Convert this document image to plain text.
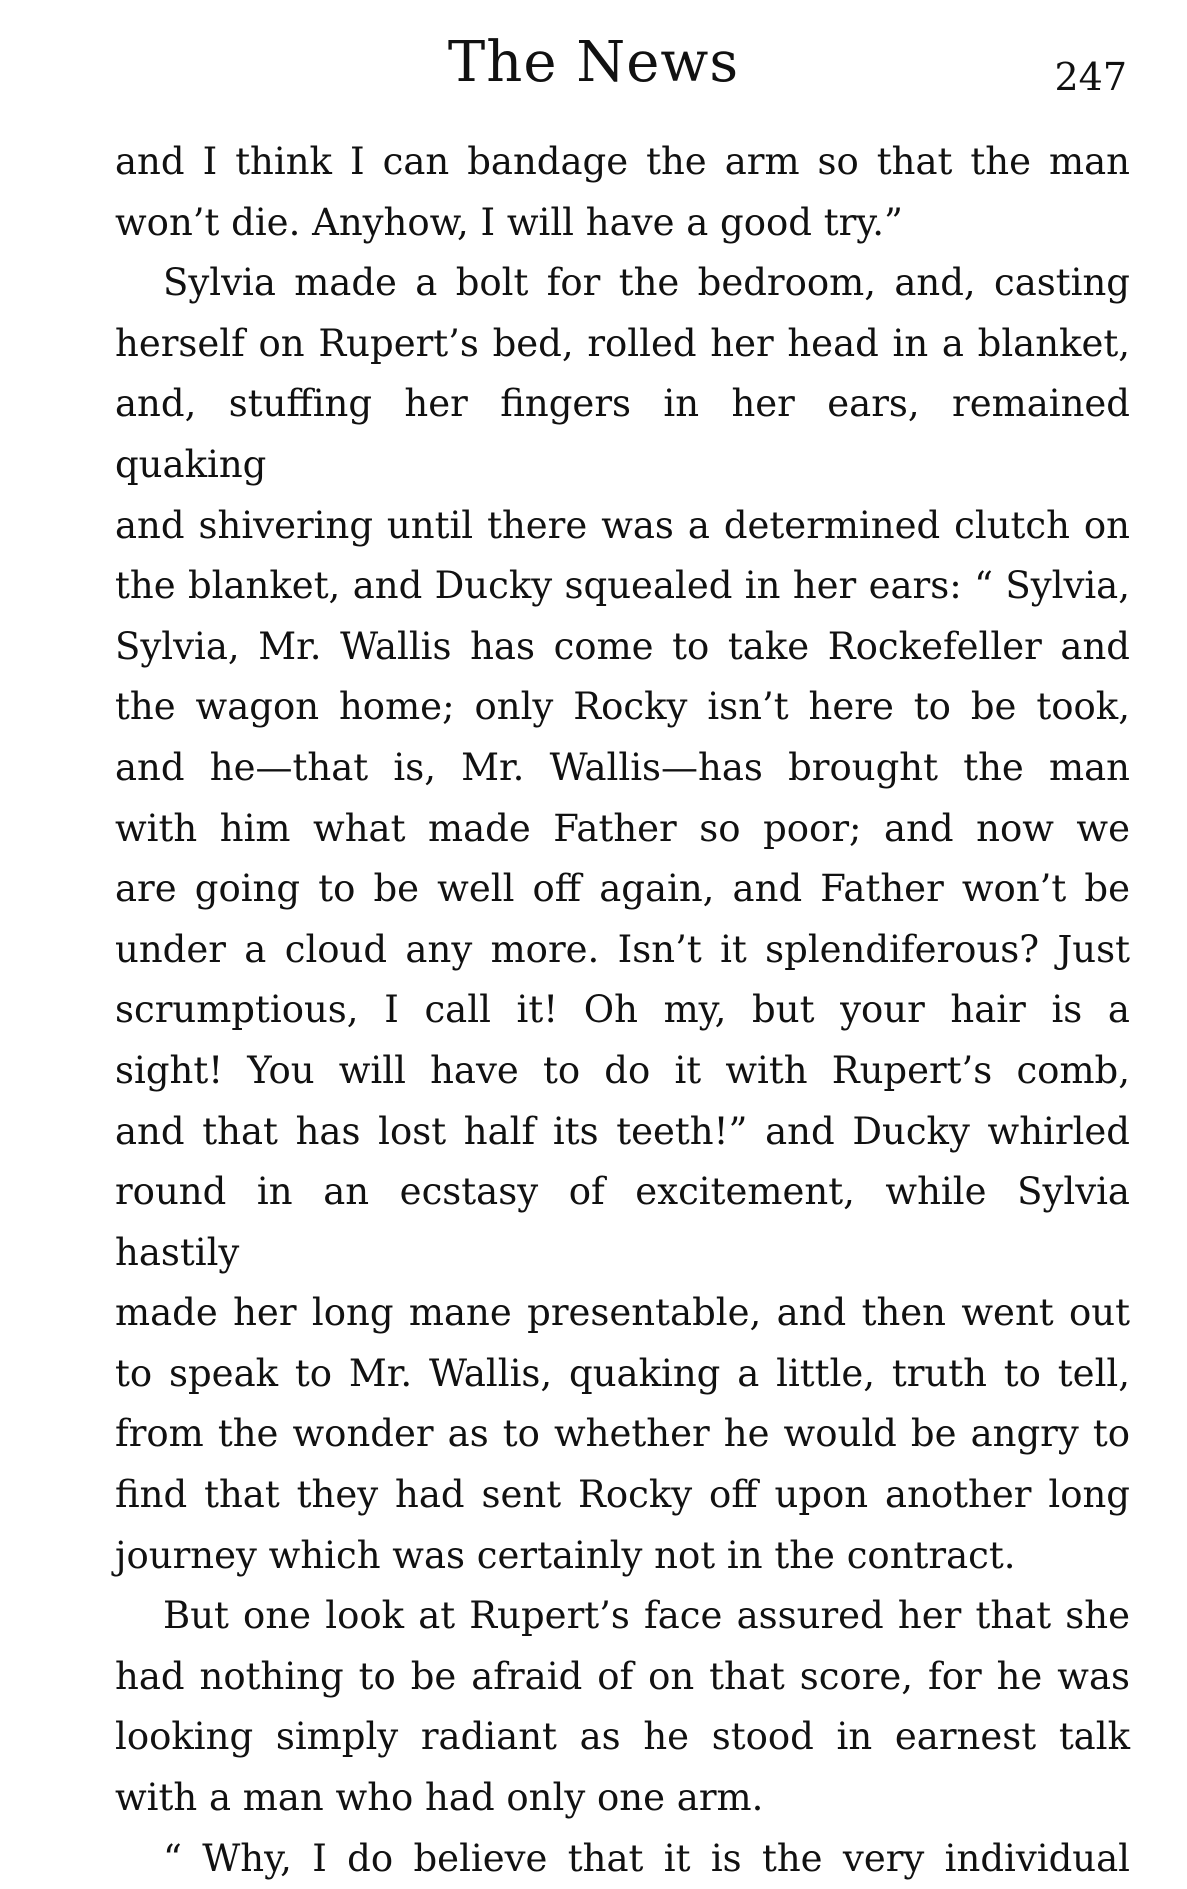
The News	247
and I think I can bandage the arm so that the man
won’t die. Anyhow, I will have a good try.”
Sylvia made a bolt for the bedroom, and, casting
herself on Rupert’s bed, rolled her head in a blanket,
and, stuffing her fingers in her ears, remained quaking
and shivering until there was a determined clutch on
the blanket, and Ducky squealed in her ears: “ Sylvia,
Sylvia, Mr. Wallis has come to take Rockefeller and
the wagon home; only Rocky isn’t here to be took,
and he—that is, Mr. Wallis—has brought the man
with him what made Father so poor; and now we
are going to be well off again, and Father won’t be
under a cloud any more. Isn’t it splendiferous? Just
scrumptious, I call it! Oh my, but your hair is a
sight! You will have to do it with Rupert’s comb,
and that has lost half its teeth!” and Ducky whirled
round in an ecstasy of excitement, while Sylvia hastily
made her long mane presentable, and then went out
to speak to Mr. Wallis, quaking a little, truth to tell,
from the wonder as to whether he would be angry to
find that they had sent Rocky off upon another long
journey which was certainly not in the contract.
But one look at Rupert’s face assured her that she
had nothing to be afraid of on that score, for he was
looking simply radiant as he stood in earnest talk
with a man who had only one arm.
“ Why, I do believe that it is the very individual
